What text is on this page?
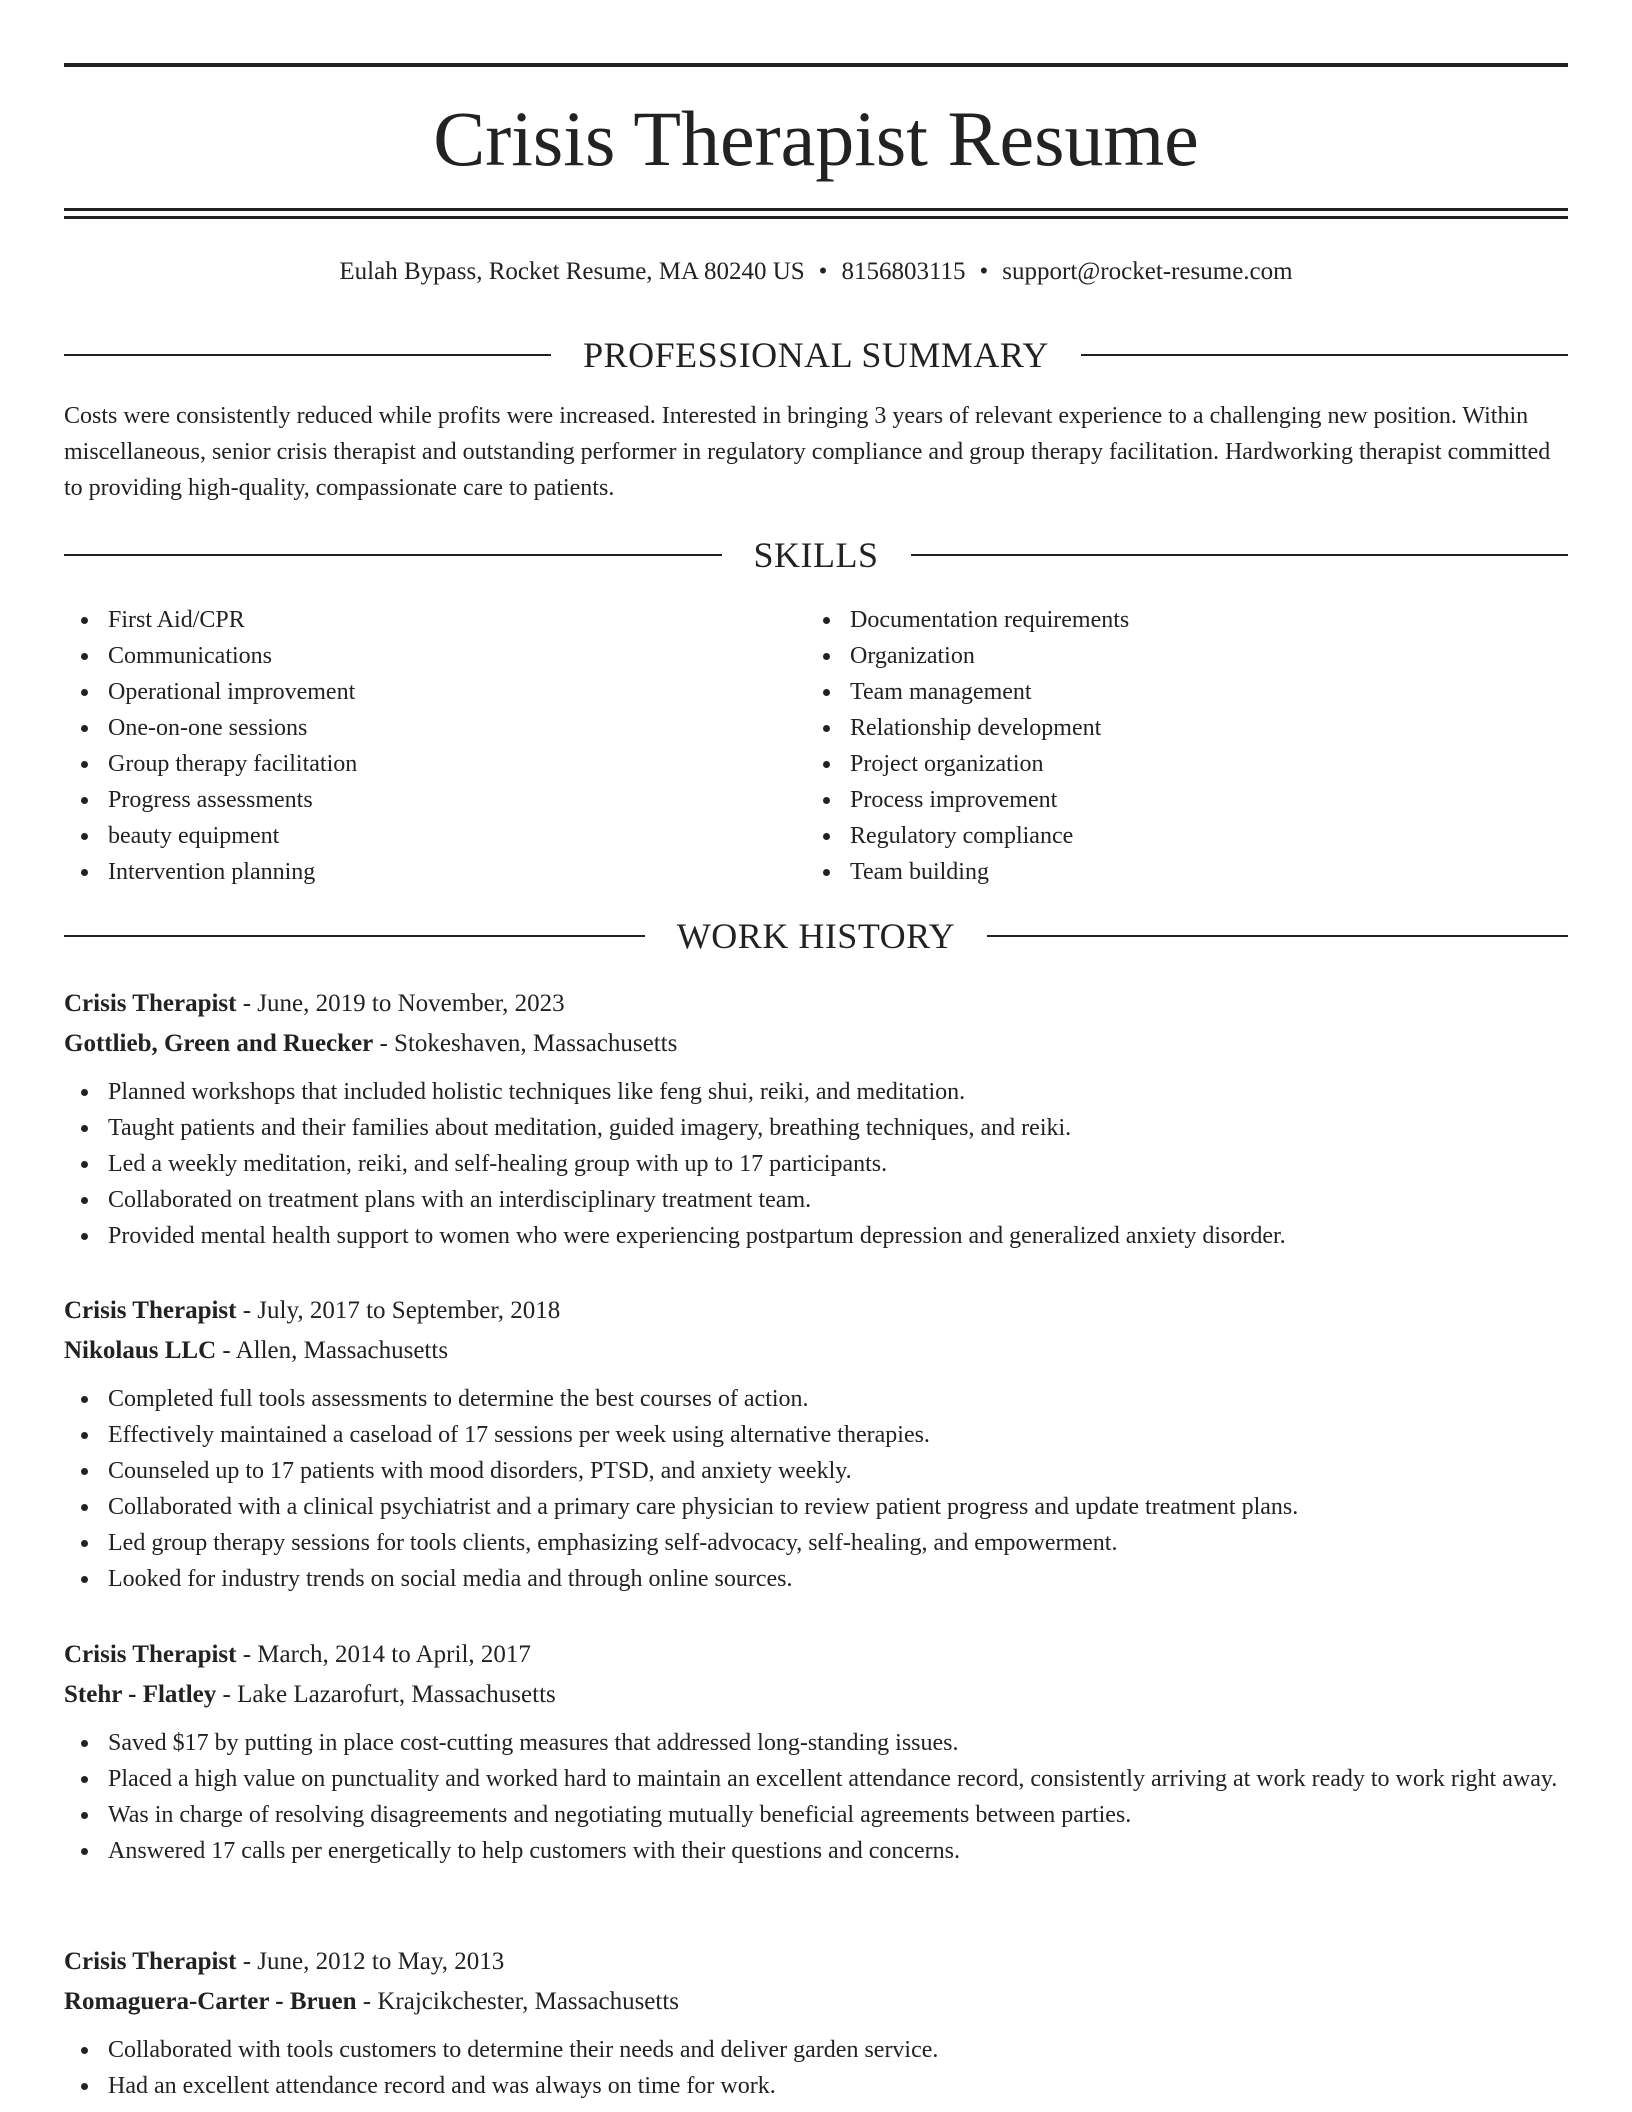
Crisis Therapist Resume
Eulah Bypass, Rocket Resume, MA 80240 US • 8156803115 • support@rocket-resume.com
PROFESSIONAL SUMMARY

Costs were consistently reduced while profits were increased. Interested in bringing 3 years of relevant experience to a challenging new position. Within miscellaneous, senior crisis therapist and outstanding performer in regulatory compliance and group therapy facilitation. Hardworking therapist committed to providing high-quality, compassionate care to patients.

SKILLS
First Aid/CPR
Communications
Operational improvement
One-on-one sessions
Group therapy facilitation
Progress assessments
beauty equipment
Intervention planning
Documentation requirements
Organization
Team management
Relationship development
Project organization
Process improvement
Regulatory compliance
Team building
WORK HISTORY
Crisis Therapist - June, 2019 to November, 2023
Gottlieb, Green and Ruecker - Stokeshaven, Massachusetts
Planned workshops that included holistic techniques like feng shui, reiki, and meditation.
Taught patients and their families about meditation, guided imagery, breathing techniques, and reiki.
Led a weekly meditation, reiki, and self-healing group with up to 17 participants.
Collaborated on treatment plans with an interdisciplinary treatment team.
Provided mental health support to women who were experiencing postpartum depression and generalized anxiety disorder.
Crisis Therapist - July, 2017 to September, 2018
Nikolaus LLC - Allen, Massachusetts
Completed full tools assessments to determine the best courses of action.
Effectively maintained a caseload of 17 sessions per week using alternative therapies.
Counseled up to 17 patients with mood disorders, PTSD, and anxiety weekly.
Collaborated with a clinical psychiatrist and a primary care physician to review patient progress and update treatment plans.
Led group therapy sessions for tools clients, emphasizing self-advocacy, self-healing, and empowerment.
Looked for industry trends on social media and through online sources.
Crisis Therapist - March, 2014 to April, 2017
Stehr - Flatley - Lake Lazarofurt, Massachusetts
Saved $17 by putting in place cost-cutting measures that addressed long-standing issues.
Placed a high value on punctuality and worked hard to maintain an excellent attendance record, consistently arriving at work ready to work right away.
Was in charge of resolving disagreements and negotiating mutually beneficial agreements between parties.
Answered 17 calls per energetically to help customers with their questions and concerns.
Crisis Therapist - June, 2012 to May, 2013
Romaguera-Carter - Bruen - Krajcikchester, Massachusetts
Collaborated with tools customers to determine their needs and deliver garden service.
Had an excellent attendance record and was always on time for work.
